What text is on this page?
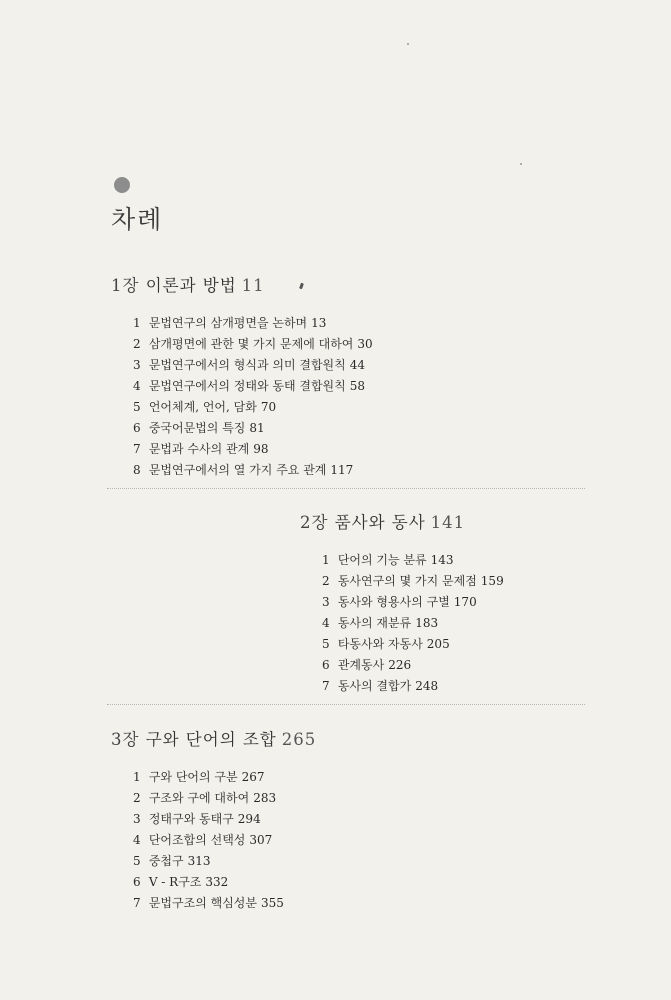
차례
1장 이론과 방법 11
1 문법연구의 삼개평면을 논하며 13
2 삼개평면에 관한 몇 가지 문제에 대하여 30
3 문법연구에서의 형식과 의미 결합원칙 44
4 문법연구에서의 정태와 동태 결합원칙 58
5 언어체계, 언어, 담화 70
6 중국어문법의 특징 81
7 문법과 수사의 관계 98
8 문법연구에서의 열 가지 주요 관계 117
2장 품사와 동사 141
1 단어의 기능 분류 143
2 동사연구의 몇 가지 문제점 159
3 동사와 형용사의 구별 170
4 동사의 재분류 183
5 타동사와 자동사 205
6 관계동사 226
7 동사의 결합가 248
3장 구와 단어의 조합 265
1 구와 단어의 구분 267
2 구조와 구에 대하여 283
3 정태구와 동태구 294
4 단어조합의 선택성 307
5 중첩구 313
6 V - R구조 332
7 문법구조의 핵심성분 355
